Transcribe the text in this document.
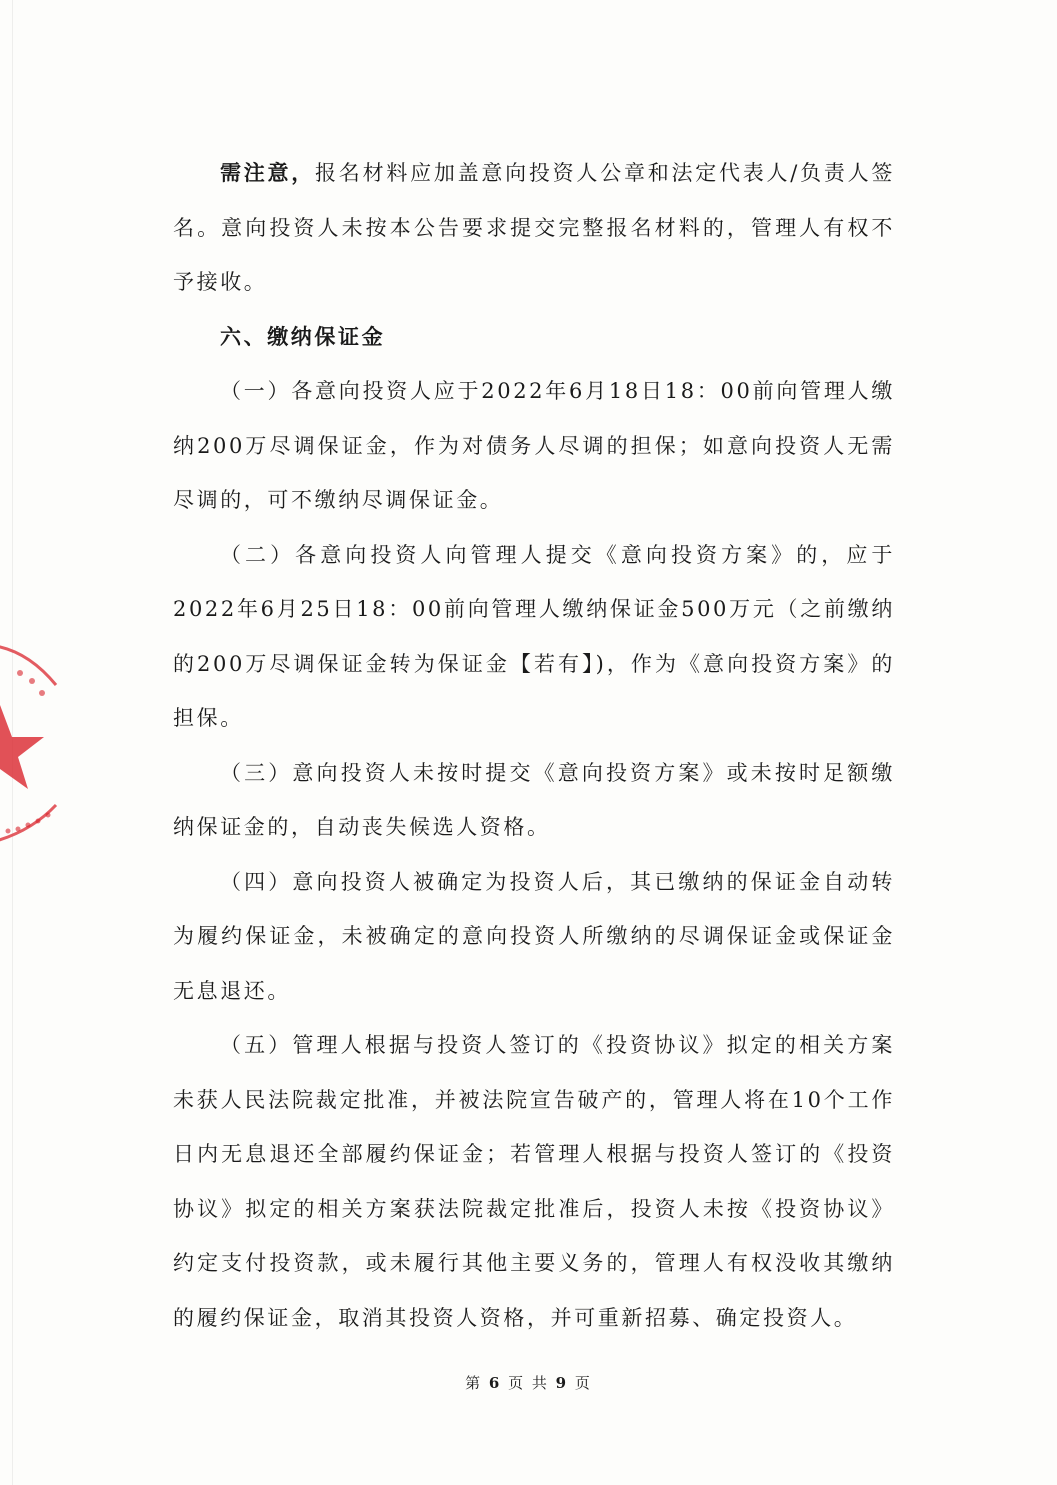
需注意，报名材料应加盖意向投资人公章和法定代表人/负责人签名。意向投资人未按本公告要求提交完整报名材料的，管理人有权不予接收。

六、缴纳保证金

（一）各意向投资人应于2022年6月18日18：00前向管理人缴纳200万尽调保证金，作为对债务人尽调的担保；如意向投资人无需尽调的，可不缴纳尽调保证金。

（二）各意向投资人向管理人提交《意向投资方案》的，应于2022年6月25日18：00前向管理人缴纳保证金500万元（之前缴纳的200万尽调保证金转为保证金【若有】)，作为《意向投资方案》的担保。

（三）意向投资人未按时提交《意向投资方案》或未按时足额缴纳保证金的，自动丧失候选人资格。

（四）意向投资人被确定为投资人后，其已缴纳的保证金自动转为履约保证金，未被确定的意向投资人所缴纳的尽调保证金或保证金无息退还。

（五）管理人根据与投资人签订的《投资协议》拟定的相关方案未获人民法院裁定批准，并被法院宣告破产的，管理人将在10个工作日内无息退还全部履约保证金；若管理人根据与投资人签订的《投资协议》拟定的相关方案获法院裁定批准后，投资人未按《投资协议》约定支付投资款，或未履行其他主要义务的，管理人有权没收其缴纳的履约保证金，取消其投资人资格，并可重新招募、确定投资人。

第 6 页 共 9 页
